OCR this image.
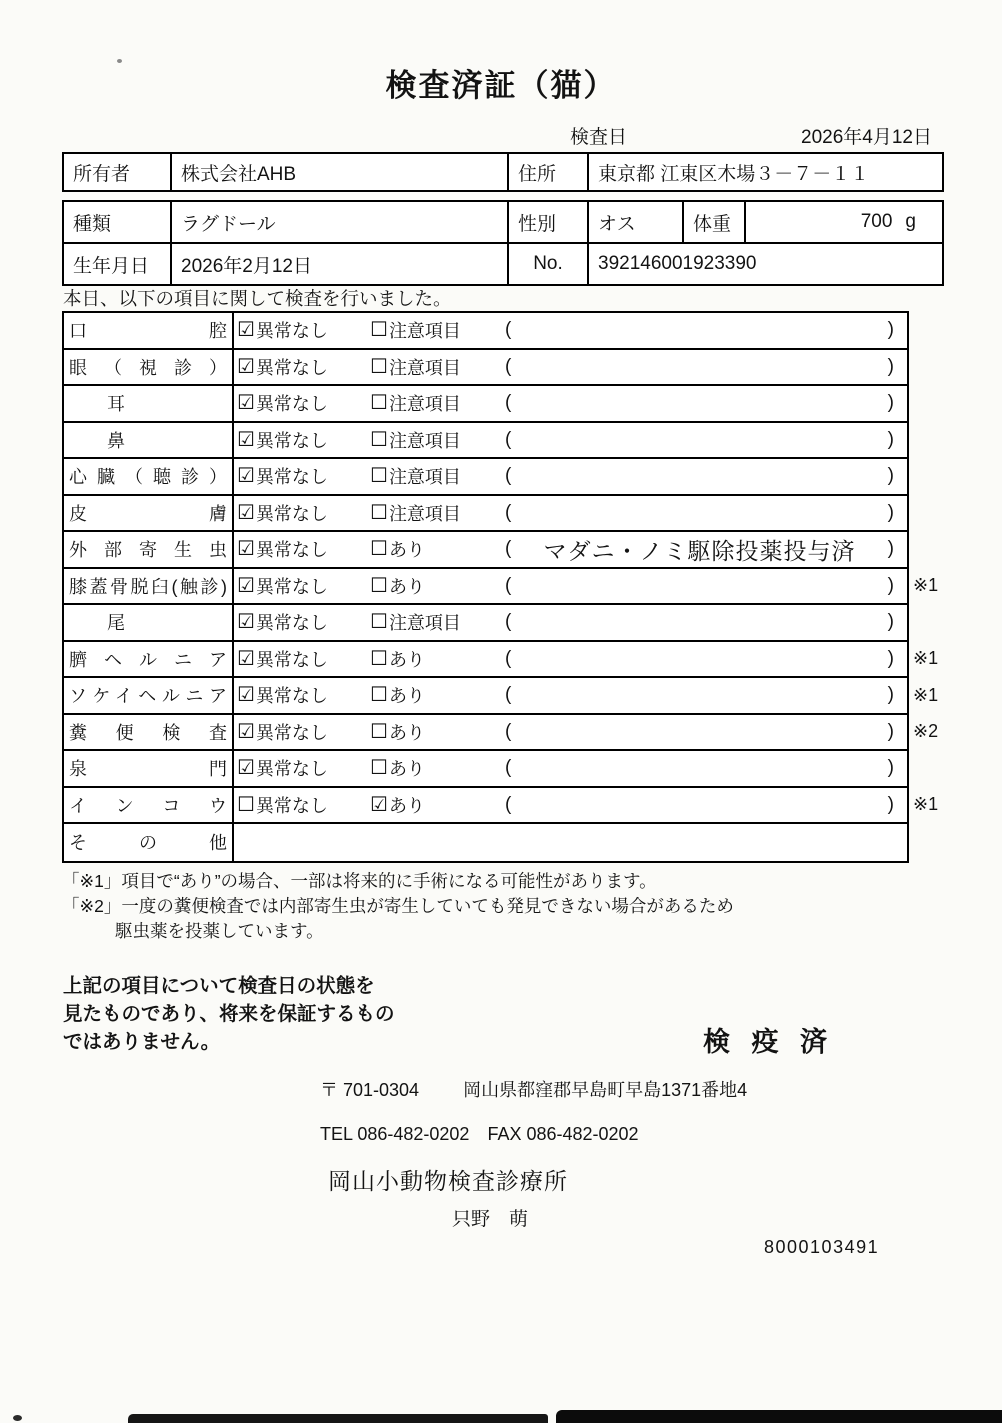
検査済証（猫）
検査日	2026年4月12日
所有者	株式会社AHB	住所 東京都 江東区木場３－７－１１
種類	ラグドール	性別 オス	体重	700 g
生年月日 2026年2月12日	No. 392146001923390
本日、以下の項目に関して検査を行いました。
口腔 ☑ 異常なし ☐ 注意項目 (	)
眼（視診） ☑ 異常なし ☐ 注意項目 (	)
耳	☑ 異常なし ☐ 注意項目 (	)
鼻	☑ 異常なし ☐ 注意項目 (	)
心臓（聴診） ☑ 異常なし ☐ 注意項目 (	)
皮膚 ☑ 異常なし ☐ 注意項目 (	)
外部寄生虫 ☑ 異常なし ☐ あり	(	マダニ・ノミ駆除投薬投与済	)
膝蓋骨脱臼(触診) ☑ 異常なし ☐ あり	(	) ※1
尾	☑ 異常なし ☐ 注意項目 (	)
臍ヘルニア ☑ 異常なし ☐ あり	(	) ※1
ソケイヘルニア ☑ 異常なし ☐ あり	(	) ※1
糞便検査 ☑ 異常なし ☐ あり	(	) ※2
泉門 ☑ 異常なし ☐ あり	(	)
インコウ ☐ 異常なし ☑ あり	(	) ※1
その他
「※1」項目で“あり”の場合、一部は将来的に手術になる可能性があります。
「※2」一度の糞便検査では内部寄生虫が寄生していても発見できない場合があるため
駆虫薬を投薬しています。
上記の項目について検査日の状態を
見たものであり、将来を保証するもの
ではありません。	検 疫 済
〒 701-0304 岡山県都窪郡早島町早島1371番地4
TEL 086-482-0202　FAX 086-482-0202
岡山小動物検査診療所
只野　萌
8000103491
